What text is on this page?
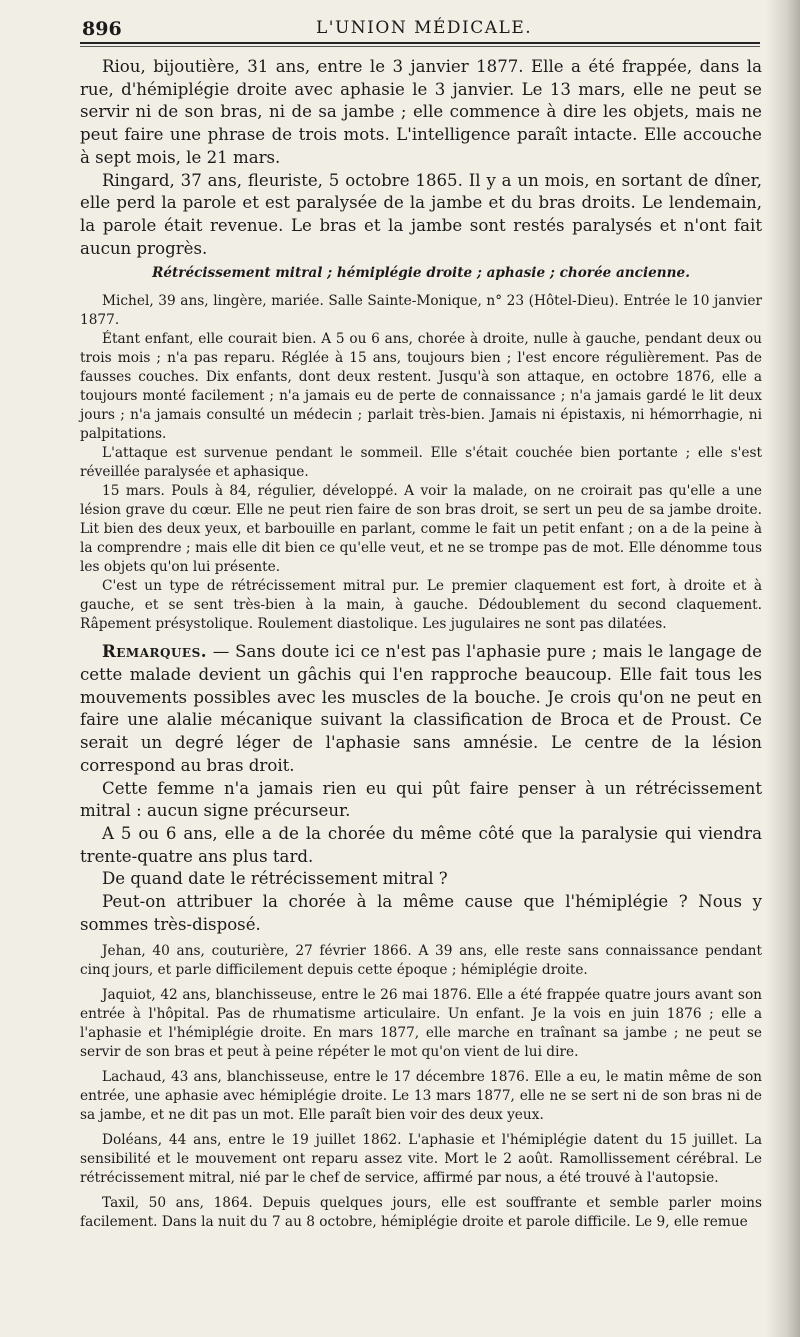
896	L'UNION MÉDICALE.

Riou, bijoutière, 31 ans, entre le 3 janvier 1877. Elle a été frappée, dans la rue, d'hémiplégie droite avec aphasie le 3 janvier. Le 13 mars, elle ne peut se servir ni de son bras, ni de sa jambe ; elle commence à dire les objets, mais ne peut faire une phrase de trois mots. L'intelligence paraît intacte. Elle accouche à sept mois, le 21 mars.

Ringard, 37 ans, fleuriste, 5 octobre 1865. Il y a un mois, en sortant de dîner, elle perd la parole et est paralysée de la jambe et du bras droits. Le lendemain, la parole était revenue. Le bras et la jambe sont restés paralysés et n'ont fait aucun progrès.

Rétrécissement mitral ; hémiplégie droite ; aphasie ; chorée ancienne.

Michel, 39 ans, lingère, mariée. Salle Sainte-Monique, n° 23 (Hôtel-Dieu). Entrée le 10 janvier 1877.

Étant enfant, elle courait bien. A 5 ou 6 ans, chorée à droite, nulle à gauche, pendant deux ou trois mois ; n'a pas reparu. Réglée à 15 ans, toujours bien ; l'est encore régulièrement. Pas de fausses couches. Dix enfants, dont deux restent. Jusqu'à son attaque, en octobre 1876, elle a toujours monté facilement ; n'a jamais eu de perte de connaissance ; n'a jamais gardé le lit deux jours ; n'a jamais consulté un médecin ; parlait très-bien. Jamais ni épistaxis, ni hémorrhagie, ni palpitations.

L'attaque est survenue pendant le sommeil. Elle s'était couchée bien portante ; elle s'est réveillée paralysée et aphasique.

15 mars. Pouls à 84, régulier, développé. A voir la malade, on ne croirait pas qu'elle a une lésion grave du cœur. Elle ne peut rien faire de son bras droit, se sert un peu de sa jambe droite. Lit bien des deux yeux, et barbouille en parlant, comme le fait un petit enfant ; on a de la peine à la comprendre ; mais elle dit bien ce qu'elle veut, et ne se trompe pas de mot. Elle dénomme tous les objets qu'on lui présente.

C'est un type de rétrécissement mitral pur. Le premier claquement est fort, à droite et à gauche, et se sent très-bien à la main, à gauche. Dédoublement du second claquement. Râpement présystolique. Roulement diastolique. Les jugulaires ne sont pas dilatées.

Remarques. — Sans doute ici ce n'est pas l'aphasie pure ; mais le langage de cette malade devient un gâchis qui l'en rapproche beaucoup. Elle fait tous les mouvements possibles avec les muscles de la bouche. Je crois qu'on ne peut en faire une alalie mécanique suivant la classification de Broca et de Proust. Ce serait un degré léger de l'aphasie sans amnésie. Le centre de la lésion correspond au bras droit.

Cette femme n'a jamais rien eu qui pût faire penser à un rétrécissement mitral : aucun signe précurseur.

A 5 ou 6 ans, elle a de la chorée du même côté que la paralysie qui viendra trente-quatre ans plus tard.

De quand date le rétrécissement mitral ?

Peut-on attribuer la chorée à la même cause que l'hémiplégie ? Nous y sommes très-disposé.

Jehan, 40 ans, couturière, 27 février 1866. A 39 ans, elle reste sans connaissance pendant cinq jours, et parle difficilement depuis cette époque ; hémiplégie droite.

Jaquiot, 42 ans, blanchisseuse, entre le 26 mai 1876. Elle a été frappée quatre jours avant son entrée à l'hôpital. Pas de rhumatisme articulaire. Un enfant. Je la vois en juin 1876 ; elle a l'aphasie et l'hémiplégie droite. En mars 1877, elle marche en traînant sa jambe ; ne peut se servir de son bras et peut à peine répéter le mot qu'on vient de lui dire.

Lachaud, 43 ans, blanchisseuse, entre le 17 décembre 1876. Elle a eu, le matin même de son entrée, une aphasie avec hémiplégie droite. Le 13 mars 1877, elle ne se sert ni de son bras ni de sa jambe, et ne dit pas un mot. Elle paraît bien voir des deux yeux.

Doléans, 44 ans, entre le 19 juillet 1862. L'aphasie et l'hémiplégie datent du 15 juillet. La sensibilité et le mouvement ont reparu assez vite. Mort le 2 août. Ramollissement cérébral. Le rétrécissement mitral, nié par le chef de service, affirmé par nous, a été trouvé à l'autopsie.

Taxil, 50 ans, 1864. Depuis quelques jours, elle est souffrante et semble parler moins facilement. Dans la nuit du 7 au 8 octobre, hémiplégie droite et parole difficile. Le 9, elle remue
